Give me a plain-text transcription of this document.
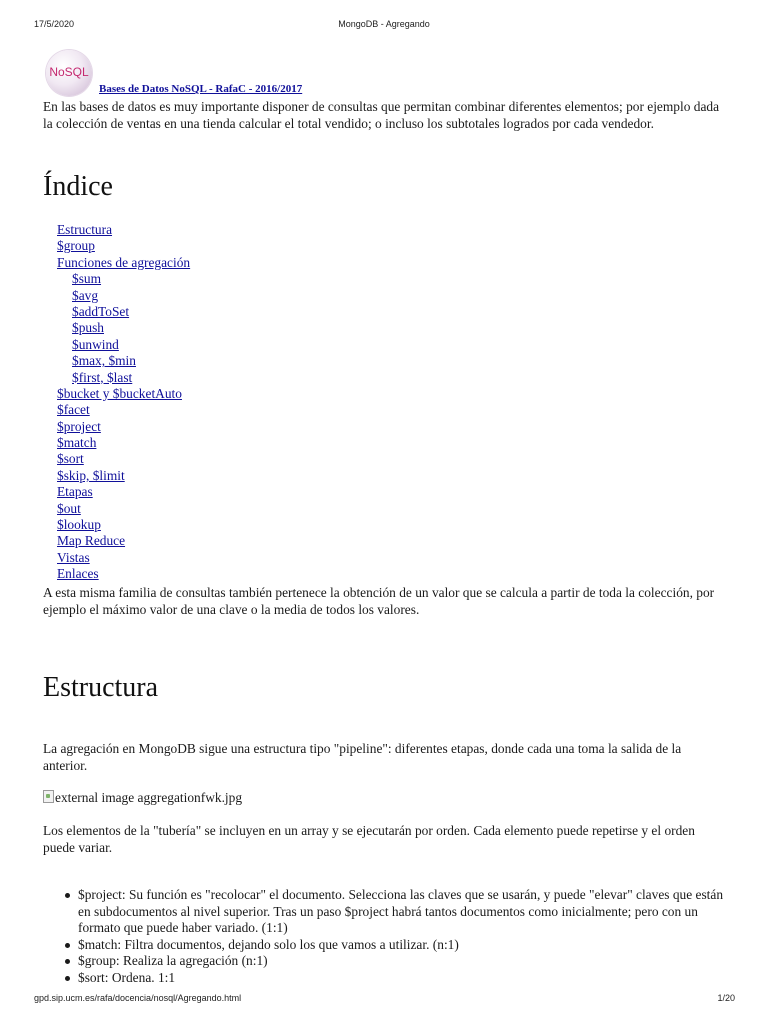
17/5/2020	MongoDB - Agregando
NoSQL
Bases de Datos NoSQL - RafaC - 2016/2017

En las bases de datos es muy importante disponer de consultas que permitan combinar diferentes elementos; por ejemplo dada la colección de ventas en una tienda calcular el total vendido; o incluso los subtotales logrados por cada vendedor.

Índice
Estructura
$group
Funciones de agregación
$sum
$avg
$addToSet
$push
$unwind
$max, $min
$first, $last
$bucket y $bucketAuto
$facet
$project
$match
$sort
$skip, $limit
Etapas
$out
$lookup
Map Reduce
Vistas
Enlaces

A esta misma familia de consultas también pertenece la obtención de un valor que se calcula a partir de toda la colección, por ejemplo el máximo valor de una clave o la media de todos los valores.

Estructura

La agregación en MongoDB sigue una estructura tipo "pipeline": diferentes etapas, donde cada una toma la salida de la anterior.

external image aggregationfwk.jpg

Los elementos de la "tubería" se incluyen en un array y se ejecutarán por orden. Cada elemento puede repetirse y el orden puede variar.

$project: Su función es "recolocar" el documento. Selecciona las claves que se usarán, y puede "elevar" claves que están en subdocumentos al nivel superior. Tras un paso $project habrá tantos documentos como inicialmente; pero con un formato que puede haber variado. (1:1)
$match: Filtra documentos, dejando solo los que vamos a utilizar. (n:1)
$group: Realiza la agregación (n:1)
$sort: Ordena. 1:1
gpd.sip.ucm.es/rafa/docencia/nosql/Agregando.html	1/20
